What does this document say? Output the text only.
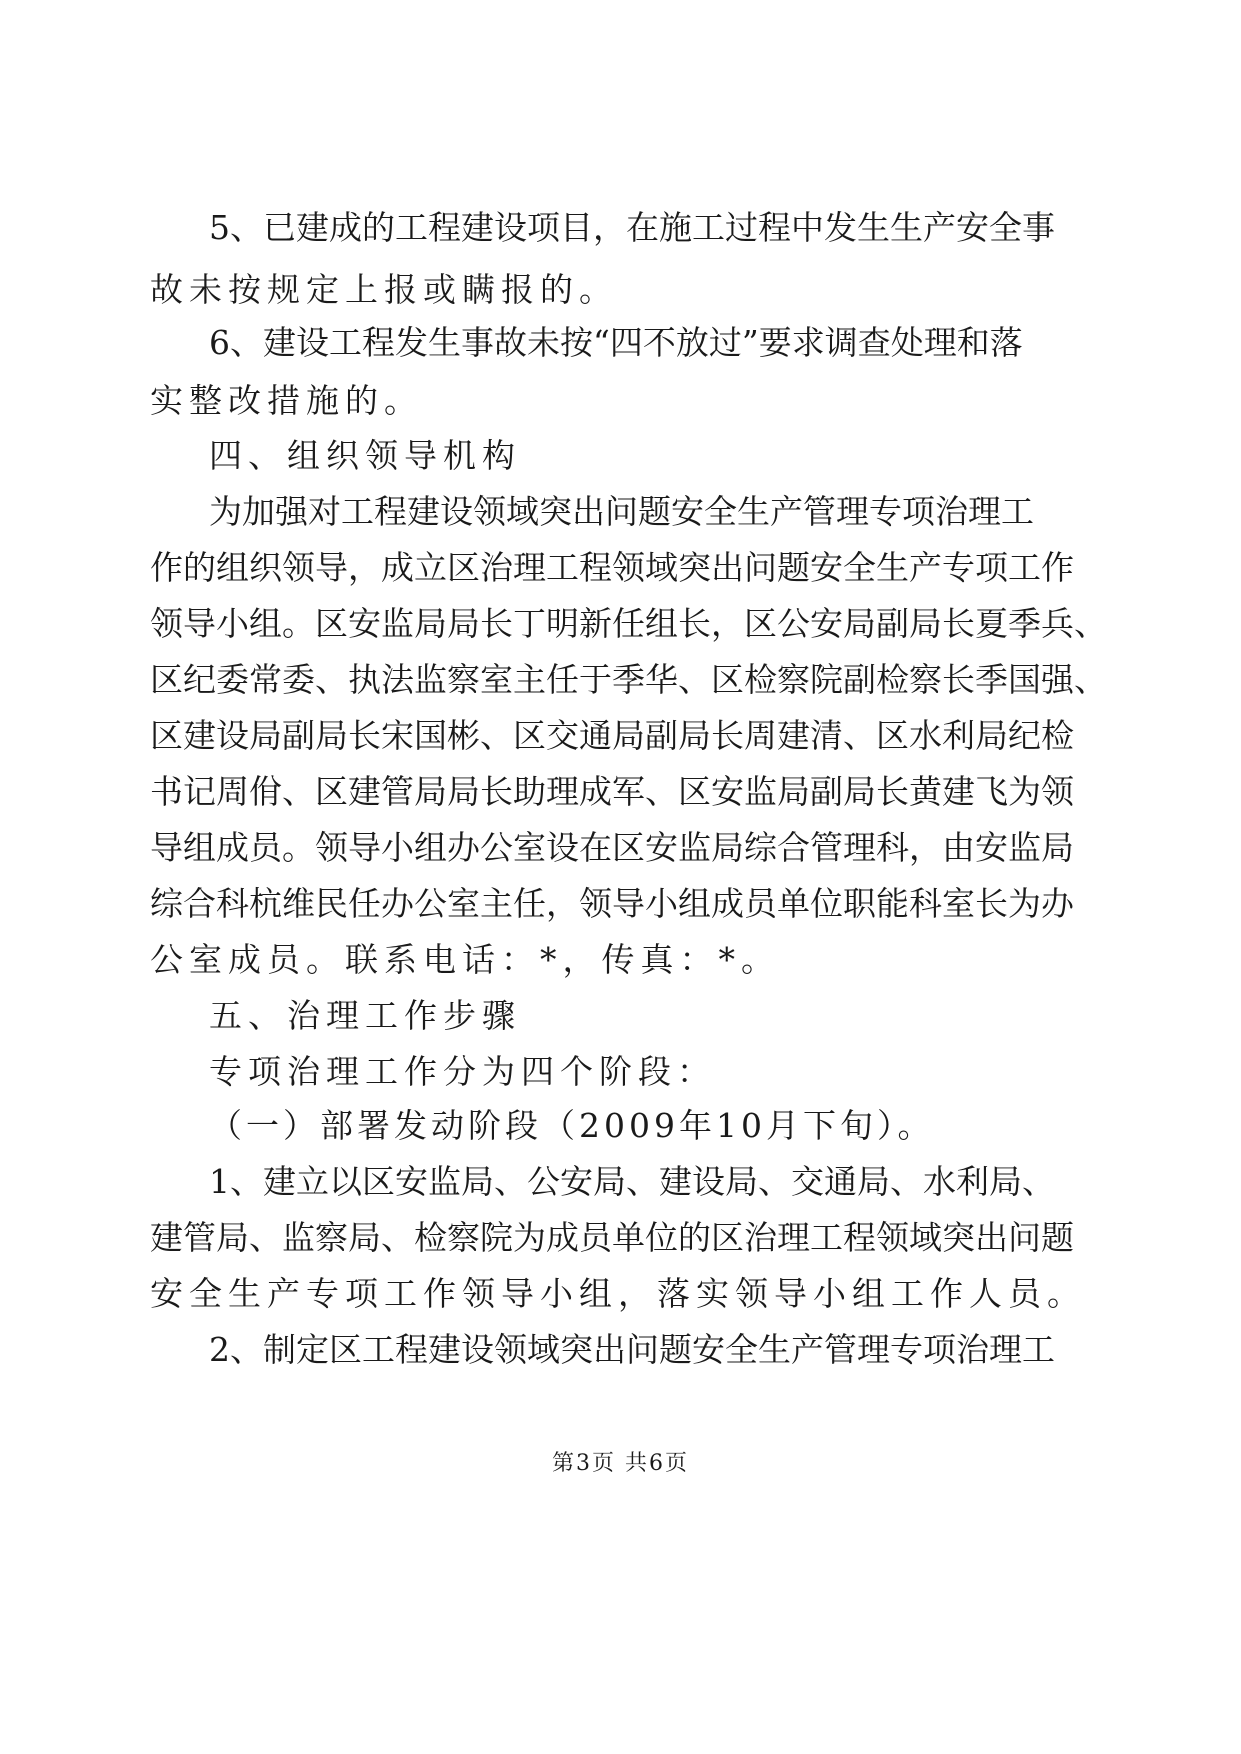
5、已建成的工程建设项目，在施工过程中发生生产安全事
故未按规定上报或瞒报的。
6、建设工程发生事故未按“四不放过”要求调查处理和落
实整改措施的。
四、组织领导机构
为加强对工程建设领域突出问题安全生产管理专项治理工
作的组织领导，成立区治理工程领域突出问题安全生产专项工作
领导小组。区安监局局长丁明新任组长，区公安局副局长夏季兵、
区纪委常委、执法监察室主任于季华、区检察院副检察长季国强、
区建设局副局长宋国彬、区交通局副局长周建清、区水利局纪检
书记周佾、区建管局局长助理成军、区安监局副局长黄建飞为领
导组成员。领导小组办公室设在区安监局综合管理科，由安监局
综合科杭维民任办公室主任，领导小组成员单位职能科室长为办
公室成员。联系电话：*，传真：*。
五、治理工作步骤
专项治理工作分为四个阶段：
（一）部署发动阶段（2009年10月下旬）。
1、建立以区安监局、公安局、建设局、交通局、水利局、
建管局、监察局、检察院为成员单位的区治理工程领域突出问题
安全生产专项工作领导小组，落实领导小组工作人员。
2、制定区工程建设领域突出问题安全生产管理专项治理工
第3页 共6页
